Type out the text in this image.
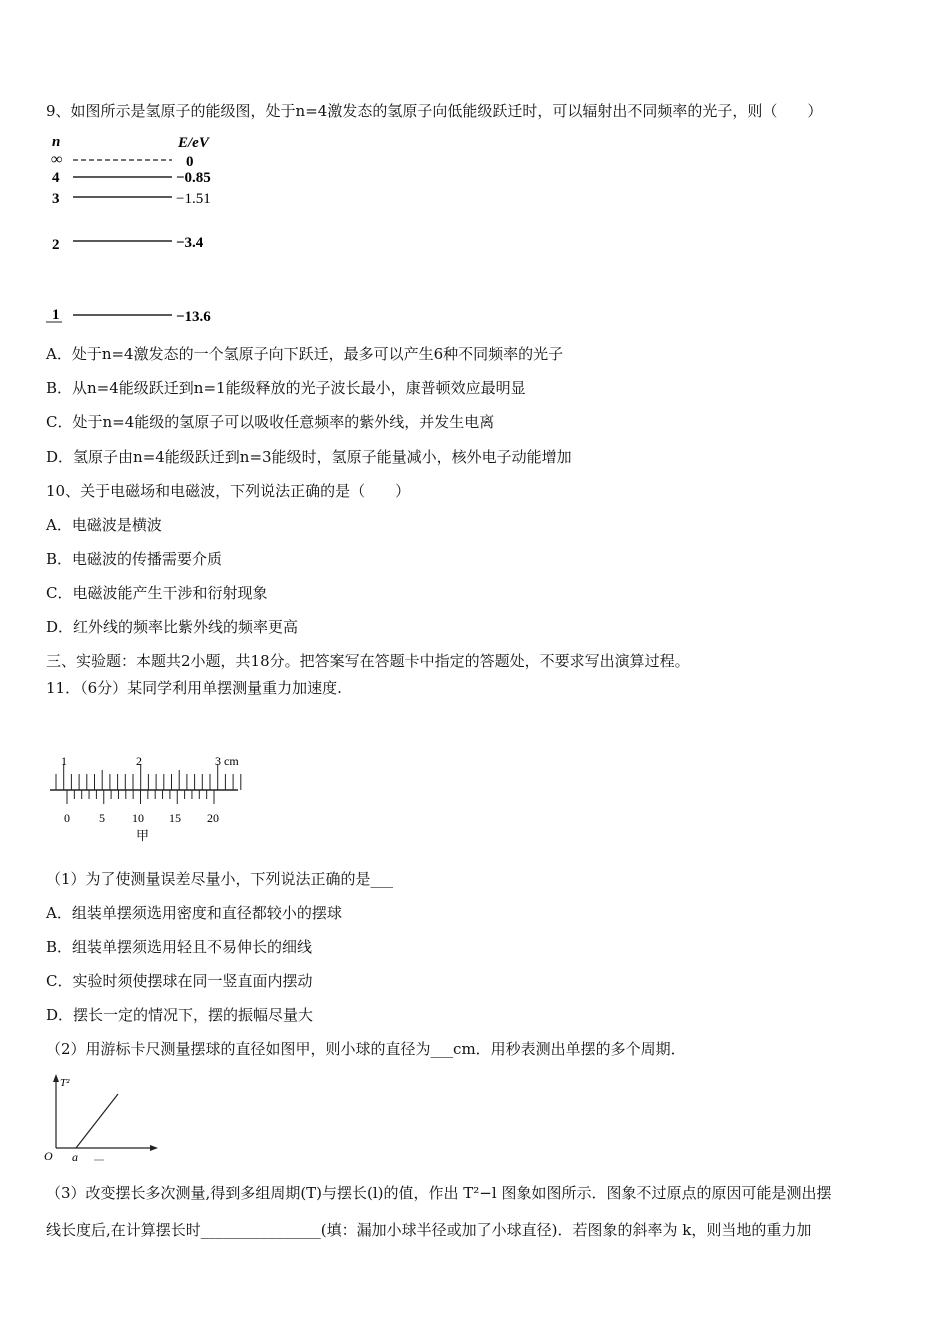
9、如图所示是氢原子的能级图，处于n=4激发态的氢原子向低能级跃迁时，可以辐射出不同频率的光子，则（　　）
n	E/eV
∞	0
4	−0.85
3	−1.51
2	−3.4
1	−13.6
A．处于n=4激发态的一个氢原子向下跃迁，最多可以产生6种不同频率的光子
B．从n=4能级跃迁到n=1能级释放的光子波长最小，康普顿效应最明显
C．处于n=4能级的氢原子可以吸收任意频率的紫外线，并发生电离
D．氢原子由n=4能级跃迁到n=3能级时，氢原子能量减小，核外电子动能增加
10、关于电磁场和电磁波，下列说法正确的是（　　）
A．电磁波是横波
B．电磁波的传播需要介质
C．电磁波能产生干涉和衍射现象
D．红外线的频率比紫外线的频率更高
三、实验题：本题共2小题，共18分。把答案写在答题卡中指定的答题处，不要求写出演算过程。
11．（6分）某同学利用单摆测量重力加速度.
1	2	3 cm
0 5 10 15 20
甲
（1）为了使测量误差尽量小，下列说法正确的是___
A．组装单摆须选用密度和直径都较小的摆球
B．组装单摆须选用轻且不易伸长的细线
C．实验时须使摆球在同一竖直面内摆动
D．摆长一定的情况下，摆的振幅尽量大
（2）用游标卡尺测量摆球的直径如图甲，则小球的直径为___cm．用秒表测出单摆的多个周期．
T²
O a
（3）改变摆长多次测量,得到多组周期(T)与摆长(l)的值，作出 T²−l 图象如图所示．图象不过原点的原因可能是测出摆
线长度后,在计算摆长时________________(填：漏加小球半径或加了小球直径)．若图象的斜率为 k，则当地的重力加
